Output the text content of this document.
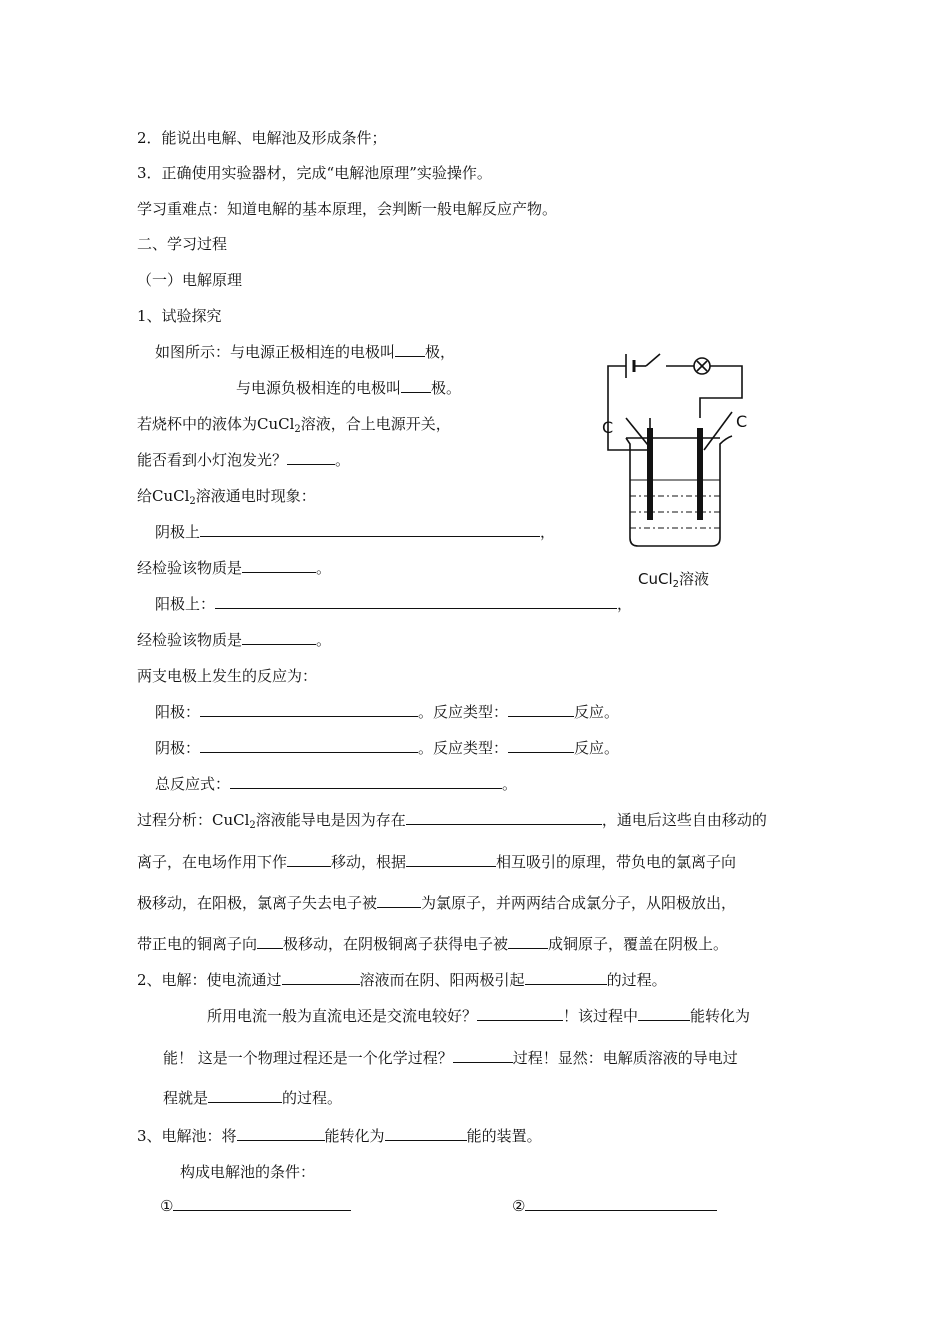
2．能说出电解、电解池及形成条件；
3．正确使用实验器材，完成“电解池原理”实验操作。
学习重难点：知道电解的基本原理，会判断一般电解反应产物。
二、学习过程
（一）电解原理
1、试验探究
如图所示：与电源正极相连的电极叫 极，
与电源负极相连的电极叫 极。
若烧杯中的液体为CuCl$_2$溶液，合上电源开关，
能否看到小灯泡发光？	。
给CuCl$_2$溶液通电时现象：
阴极上	，
经检验该物质是	。
阳极上：	，
经检验该物质是	。
两支电极上发生的反应为：
阳极：	。反应类型：	反应。
阴极：	。反应类型：	反应。
总反应式：	。
C	C
CuCl$_2$溶液
过程分析：CuCl$_2$溶液能导电是因为存在	，通电后这些自由移动的
离子，在电场作用下作	移动，根据	相互吸引的原理，带负电的氯离子向
极移动，在阳极，氯离子失去电子被	为氯原子，并两两结合成氯分子，从阳极放出，
带正电的铜离子向 极移动，在阴极铜离子获得电子被	成铜原子，覆盖在阴极上。
2、电解：使电流通过	溶液而在阴、阳两极引起	的过程。
所用电流一般为直流电还是交流电较好？	！该过程中	能转化为
能！ 这是一个物理过程还是一个化学过程？	过程！显然：电解质溶液的导电过
程就是	的过程。
3、电解池：将	能转化为	能的装置。
构成电解池的条件：
①	②
